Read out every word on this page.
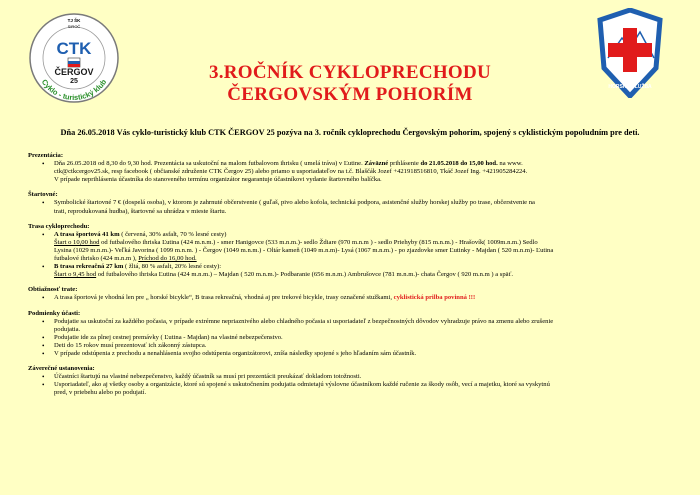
TJ ŠK
SIROČ
CTK
ČERGOV
25
Cyklo - turistický klub
HORSKÁ SLUŽBA
3.ROČNÍK CYKLOPRECHODU
ČERGOVSKÝM POHORÍM
Dňa 26.05.2018 Vás cyklo-turistický klub CTK ČERGOV 25 pozýva na 3. ročník cykloprechodu Čergovským pohorím, spojený s cyklistickým popoludním pre deti.
Prezentácia:
• Dňa 26.05.2018 od 8,30 do 9,30 hod. Prezentácia sa uskutoční na malom futbalovom ihrisku ( umelá tráva) v Ľutine. Záväzné prihlásenie do 21.05.2018 do 15,00 hod. na www.
ctk@ctkcergov25.sk, resp facebook ( občianské združenie CTK Čergov 25) alebo priamo u usporiadateľov na t.č. Blaščák Jozef +421918516810, Tkáč Jozef Ing. +421905284224.
V prípade neprihlásenia účastníka do stanoveného termínu organizátor negarantuje účastníkovi vydanie štartovného balíčka.
Štartovné:
• Symbolické štartovné 7 € (dospelá osoba), v ktorom je zahrnuté občerstvenie ( guľaš, pivo alebo kofola, technická podpora, asistenčné služby horskej služby po trase, občerstvenie na
trati, reprodukovaná hudba), štartovné sa uhrádza v mieste štartu.
Trasa cykloprechodu:
• A trasa športová 41 km ( červená, 30% asfalt, 70 % lesné cesty)
Štart o 10,00 hod od futbalového ihriska Ľutina (424 m.n.m.) - smer Hanigovce (533 m.n.m.)- sedlo Ždiare (970 m.n.m ) - sedlo Priehyby (815 m.n.m.) - Hrašovík( 1009m.n.m.) Sedlo
Lysina (1029 m.n.m.)- Veľká Javorina ( 1099 m.n.m. ) - Čergov (1049 m.n.m.) - Oltár kameň (1049 m.n.m)- Lysá (1067 m.n.m.) - po zjazdovke smer Ľutinky - Majdan ( 520 m.n.m)- Ľutina
futbalové ihrisko (424 m.n.m ), Príchod do 16,00 hod.
• B trasa rekreačná 27 km ( žltá, 80 % asfalt, 20% lesné cesty):
Štart o 9,45 hod od futbalového ihriska Ľutina (424 m.n.m.) – Majdan ( 520 m.n.m.)- Podbaranie (656 m.n.m.) Ambrušovce (781 m.n.m.)- chata Čergov ( 920 m.n.m ) a späť.
Obtiažnosť trate:
• A trasa športová je vhodná len pre „ horské bicykle“, B trasa rekreačná, vhodná aj pre trekové bicykle, trasy označené stužkami, cyklistická prilba povinná !!!
Podmienky účasti:
• Podujatie sa uskutoční za každého počasia, v prípade extrémne nepriaznivého alebo chladného počasia si usporiadateľ z bezpečnostných dôvodov vyhradzuje právo na zmenu alebo zrušenie
podujatia.
• Podujatie ide za plnej cestnej premávky ( Ľutina - Majdan) na vlastné nebezpečenstvo.
• Deti do 15 rokov musí prezentovať ich zákonný zástupca.
• V prípade odstúpenia z prechodu a nenahlásenia svojho odstúpenia organizátorovi, zníša následky spojené s jeho hľadaním sám účastník.
Záverečné ustanovenia:
• Účastníci štartujú na vlastné nebezpečenstvo, každý účastník sa musí pri prezentácii preukázať dokladom totožnosti.
• Usporiadateľ, ako aj všetky osoby a organizácie, ktoré sú spojené s uskutočnením podujatia odmietajú výslovne účastníkom každé ručenie za škody osôb, vecí a majetku, ktoré sa vyskytnú
pred, v priebehu alebo po podujatí.
